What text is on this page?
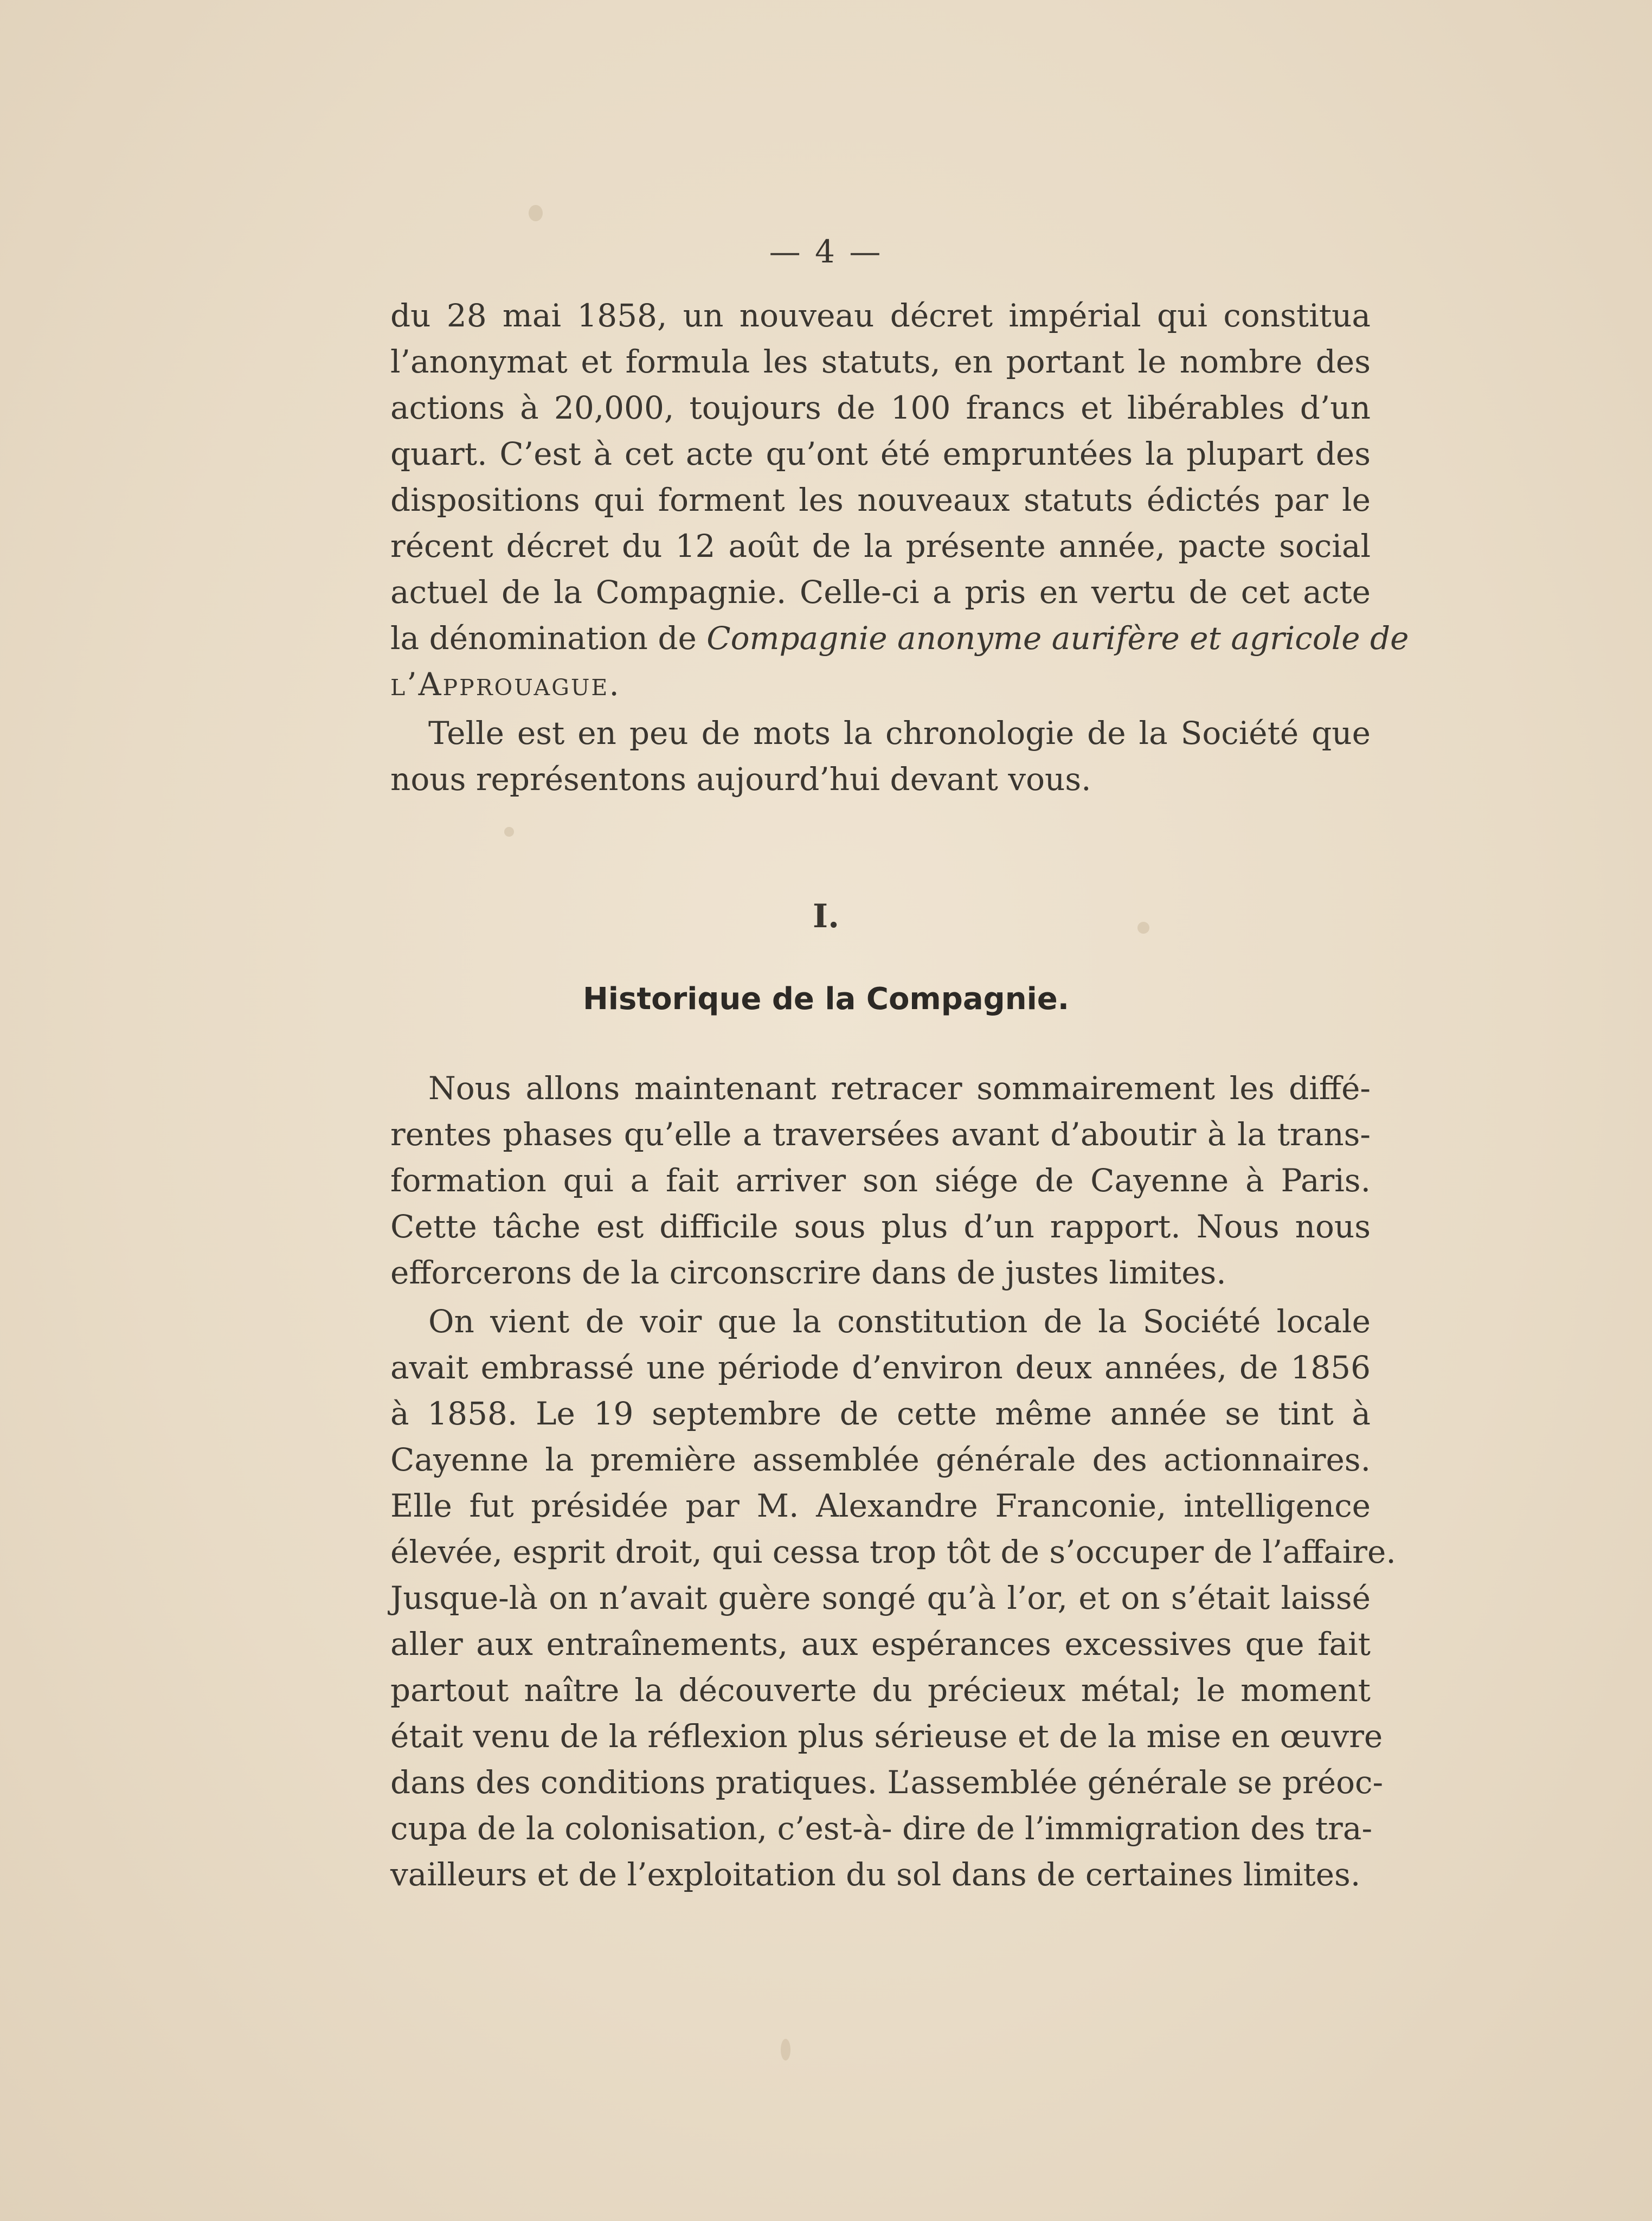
— 4 —
du 28 mai 1858, un nouveau décret impérial qui constitua
l’anonymat et formula les statuts, en portant le nombre des
actions à 20,000, toujours de 100 francs et libérables d’un
quart. C’est à cet acte qu’ont été empruntées la plupart des
dispositions qui forment les nouveaux statuts édictés par le
récent décret du 12 août de la présente année, pacte social
actuel de la Compagnie. Celle-ci a pris en vertu de cet acte
la dénomination de Compagnie anonyme aurifère et agricole de
l’Approuague.
Telle est en peu de mots la chronologie de la Société que
nous représentons aujourd’hui devant vous.
I.
Historique de la Compagnie.
Nous allons maintenant retracer sommairement les diffé-
rentes phases qu’elle a traversées avant d’aboutir à la trans-
formation qui a fait arriver son siége de Cayenne à Paris.
Cette tâche est difficile sous plus d’un rapport. Nous nous
efforcerons de la circonscrire dans de justes limites.
On vient de voir que la constitution de la Société locale
avait embrassé une période d’environ deux années, de 1856
à 1858. Le 19 septembre de cette même année se tint à
Cayenne la première assemblée générale des actionnaires.
Elle fut présidée par M. Alexandre Franconie, intelligence
élevée, esprit droit, qui cessa trop tôt de s’occuper de l’affaire.
Jusque-là on n’avait guère songé qu’à l’or, et on s’était laissé
aller aux entraînements, aux espérances excessives que fait
partout naître la découverte du précieux métal; le moment
était venu de la réflexion plus sérieuse et de la mise en œuvre
dans des conditions pratiques. L’assemblée générale se préoc-
cupa de la colonisation, c’est-à- dire de l’immigration des tra-
vailleurs et de l’exploitation du sol dans de certaines limites.
